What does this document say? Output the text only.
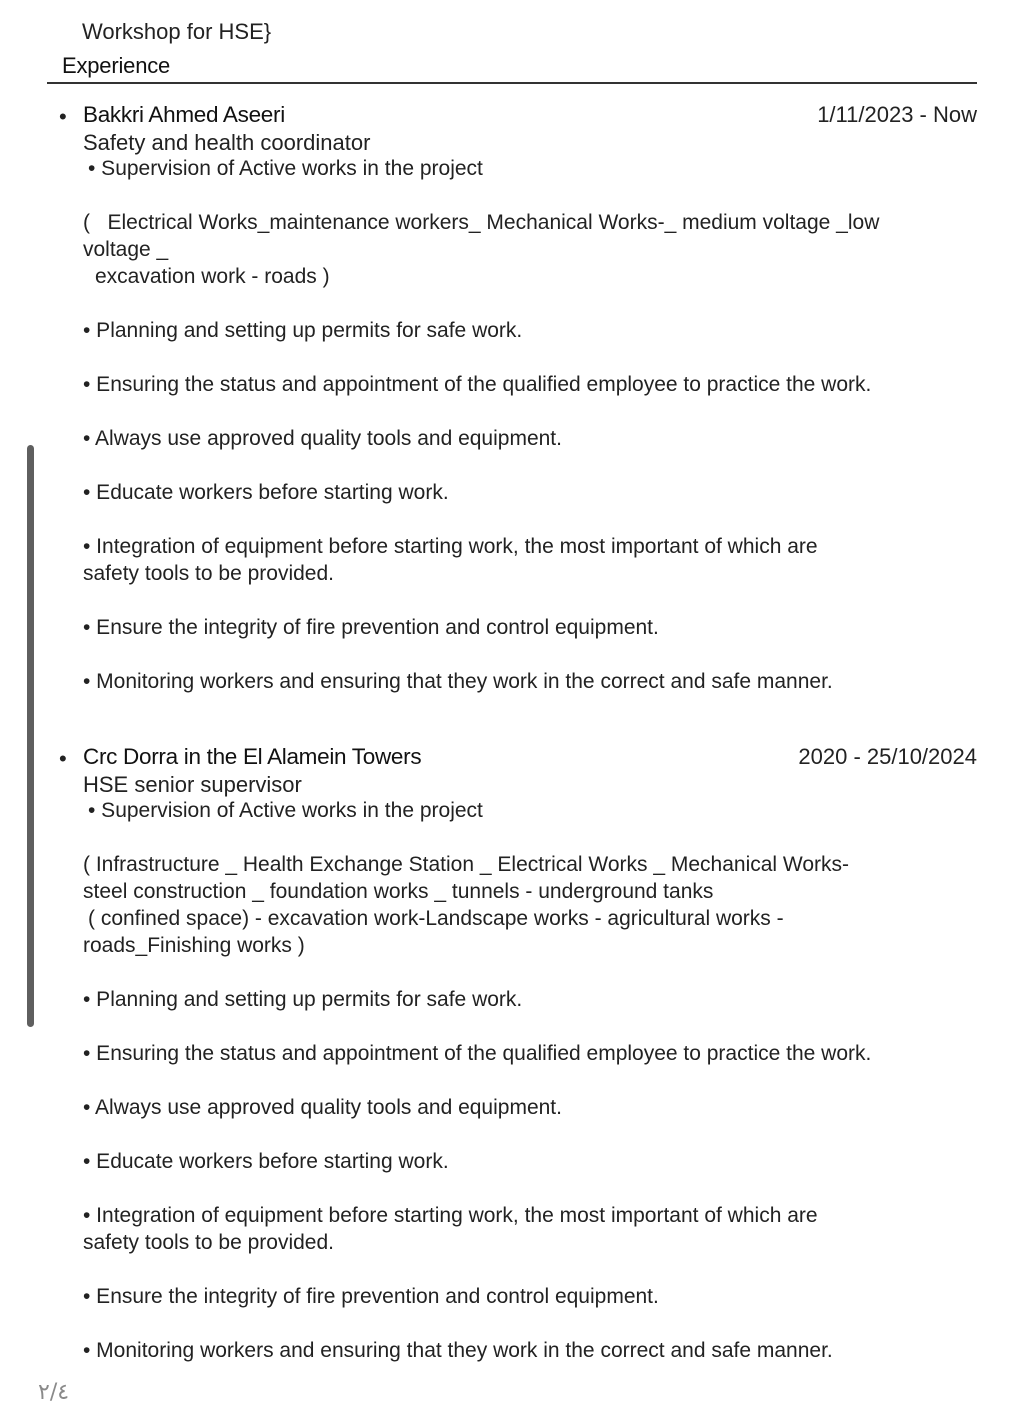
Workshop for HSE}
Experience
• Bakkri Ahmed Aseeri	1/11/2023 - Now
Safety and health coordinator
• Supervision of Active works in the project
(   Electrical Works_maintenance workers_ Mechanical Works-_ medium voltage _low
voltage _
excavation work - roads )
• Planning and setting up permits for safe work.
• Ensuring the status and appointment of the qualified employee to practice the work.
• Always use approved quality tools and equipment.
• Educate workers before starting work.
• Integration of equipment before starting work, the most important of which are
safety tools to be provided.
• Ensure the integrity of fire prevention and control equipment.
• Monitoring workers and ensuring that they work in the correct and safe manner.
• Crc Dorra in the El Alamein Towers	2020 - 25/10/2024
HSE senior supervisor
• Supervision of Active works in the project
( Infrastructure _ Health Exchange Station _ Electrical Works _ Mechanical Works-
steel construction _ foundation works _ tunnels - underground tanks
( confined space) - excavation work-Landscape works - agricultural works -
roads_Finishing works )
• Planning and setting up permits for safe work.
• Ensuring the status and appointment of the qualified employee to practice the work.
• Always use approved quality tools and equipment.
• Educate workers before starting work.
• Integration of equipment before starting work, the most important of which are
safety tools to be provided.
• Ensure the integrity of fire prevention and control equipment.
• Monitoring workers and ensuring that they work in the correct and safe manner.
٢/٤
